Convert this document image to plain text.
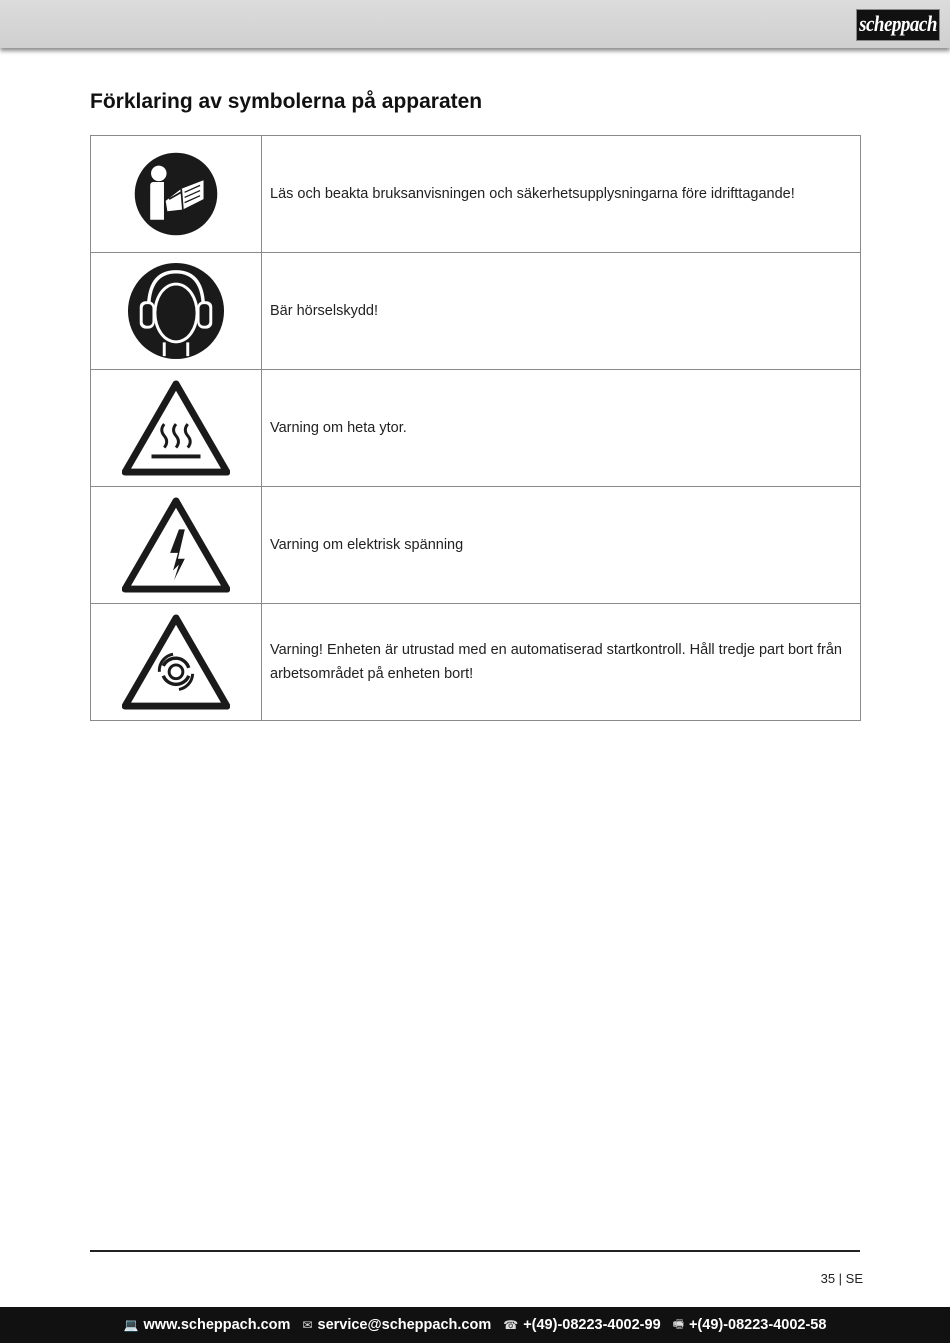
scheppach
Förklaring av symbolerna på apparaten
	Läs och beakta bruksanvisningen och säkerhetsupplysningarna före idrifttagande!

	Bär hörselskydd!

	Varning om heta ytor.

	Varning om elektrisk spänning

	Varning! Enheten är utrustad med en automatiserad startkontroll. Håll tredje part bort från arbetsområdet på enheten bort!
35 | SE
💻 www.scheppach.com ✉ service@scheppach.com ☎ +(49)-08223-4002-99 🖷 +(49)-08223-4002-58
